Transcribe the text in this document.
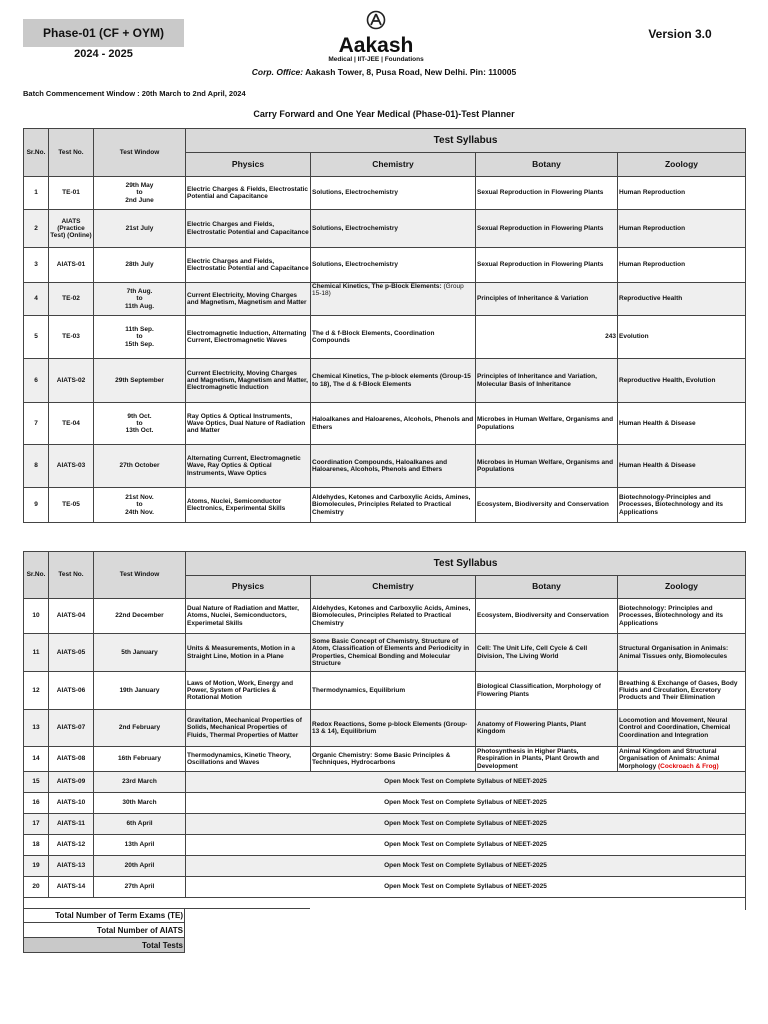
Phase-01 (CF + OYM)
2024 - 2025
Version 3.0
Aakash
Medical | IIT-JEE | Foundations
Corp. Office: Aakash Tower, 8, Pusa Road, New Delhi. Pin: 110005
Batch Commencement Window : 20th March to 2nd April, 2024
Carry Forward and One Year Medical (Phase-01)-Test Planner
Sr.No.	Test No.	Test Window	Test Syllabus			
			Physics	Chemistry	Botany	Zoology
1	TE-01	29th May
to
2nd June	Electric Charges & Fields, Electrostatic Potential and Capacitance	Solutions, Electrochemistry	Sexual Reproduction in Flowering Plants	Human Reproduction
2	AIATS (Practice Test) (Online)	21st July	Electric Charges and Fields, Electrostatic Potential and Capacitance	Solutions, Electrochemistry	Sexual Reproduction in Flowering Plants	Human Reproduction
3	AIATS-01	28th July	Electric Charges and Fields, Electrostatic Potential and Capacitance	Solutions, Electrochemistry	Sexual Reproduction in Flowering Plants	Human Reproduction
4	TE-02	7th Aug.
to
11th Aug.	Current Electricity, Moving Charges and Magnetism, Magnetism and Matter	Chemical Kinetics, The p-Block Elements: (Group 15-18)	Principles of Inheritance & Variation	Reproductive Health
5	TE-03	11th Sep.
to
15th Sep.	Electromagnetic Induction, Alternating Current, Electromagnetic Waves	The d & f-Block Elements, Coordination Compounds	243	Evolution
6	AIATS-02	29th September	Current Electricity, Moving Charges and Magnetism, Magnetism and Matter, Electromagnetic Induction	Chemical Kinetics, The p-block elements (Group-15 to 18), The d & f-Block Elements	Principles of Inheritance and Variation, Molecular Basis of Inheritance	Reproductive Health, Evolution
7	TE-04	9th Oct.
to
13th Oct.	Ray Optics & Optical Instruments, Wave Optics, Dual Nature of Radiation and Matter	Haloalkanes and Haloarenes, Alcohols, Phenols and Ethers	Microbes in Human Welfare, Organisms and Populations	Human Health & Disease
8	AIATS-03	27th October	Alternating Current, Electromagnetic Wave, Ray Optics & Optical Instruments, Wave Optics	Coordination Compounds, Haloalkanes and Haloarenes, Alcohols, Phenols and Ethers	Microbes in Human Welfare, Organisms and Populations	Human Health & Disease
9	TE-05	21st Nov.
to
24th Nov.	Atoms, Nuclei, Semiconductor Electronics, Experimental Skills	Aldehydes, Ketones and Carboxylic Acids, Amines, Biomolecules, Principles Related to Practical Chemistry	Ecosystem, Biodiversity and Conservation	Biotechnology-Principles and Processes, Biotechnology and its Applications
Sr.No.	Test No.	Test Window	Test Syllabus			
			Physics	Chemistry	Botany	Zoology
10	AIATS-04	22nd December	Dual Nature of Radiation and Matter, Atoms, Nuclei, Semiconductors, Experimetal Skills	Aldehydes, Ketones and Carboxylic Acids, Amines, Biomolecules, Principles Related to Practical Chemistry	Ecosystem, Biodiversity and Conservation	Biotechnology: Principles and Processes, Biotechnology and its Applications
11	AIATS-05	5th January	Units & Measurements, Motion in a Straight Line, Motion in a Plane	Some Basic Concept of Chemistry, Structure of Atom, Classification of Elements and Periodicity in Properties, Chemical Bonding and Molecular Structure	Cell: The Unit Life, Cell Cycle & Cell Division, The Living World	Structural Organisation in Animals: Animal Tissues only, Biomolecules
12	AIATS-06	19th January	Laws of Motion, Work, Energy and Power, System of Particles & Rotational Motion	Thermodynamics, Equilibrium	Biological Classification, Morphology of Flowering Plants	Breathing & Exchange of Gases, Body Fluids and Circulation, Excretory Products and Their Elimination
13	AIATS-07	2nd February	Gravitation, Mechanical Properties of Solids, Mechanical Properties of Fluids, Thermal Properties of Matter	Redox Reactions, Some p-block Elements (Group-13 & 14), Equilibrium	Anatomy of Flowering Plants, Plant Kingdom	Locomotion and Movement, Neural Control and Coordination, Chemical Coordination and Integration
14	AIATS-08	16th February	Thermodynamics, Kinetic Theory, Oscillations and Waves	Organic Chemistry: Some Basic Principles & Techniques, Hydrocarbons	Photosynthesis in Higher Plants, Respiration in Plants, Plant Growth and Development	Animal Kingdom and Structural Organisation of Animals: Animal Morphology (Cockroach & Frog)
15	AIATS-09	23rd March	Open Mock Test on Complete Syllabus of NEET-2025			
16	AIATS-10	30th March	Open Mock Test on Complete Syllabus of NEET-2025			
17	AIATS-11	6th April	Open Mock Test on Complete Syllabus of NEET-2025			
18	AIATS-12	13th April	Open Mock Test on Complete Syllabus of NEET-2025			
19	AIATS-13	20th April	Open Mock Test on Complete Syllabus of NEET-2025			
20	AIATS-14	27th April	Open Mock Test on Complete Syllabus of NEET-2025			

Total Number of Term Exams (TE)
Total Number of AIATS
Total Tests
